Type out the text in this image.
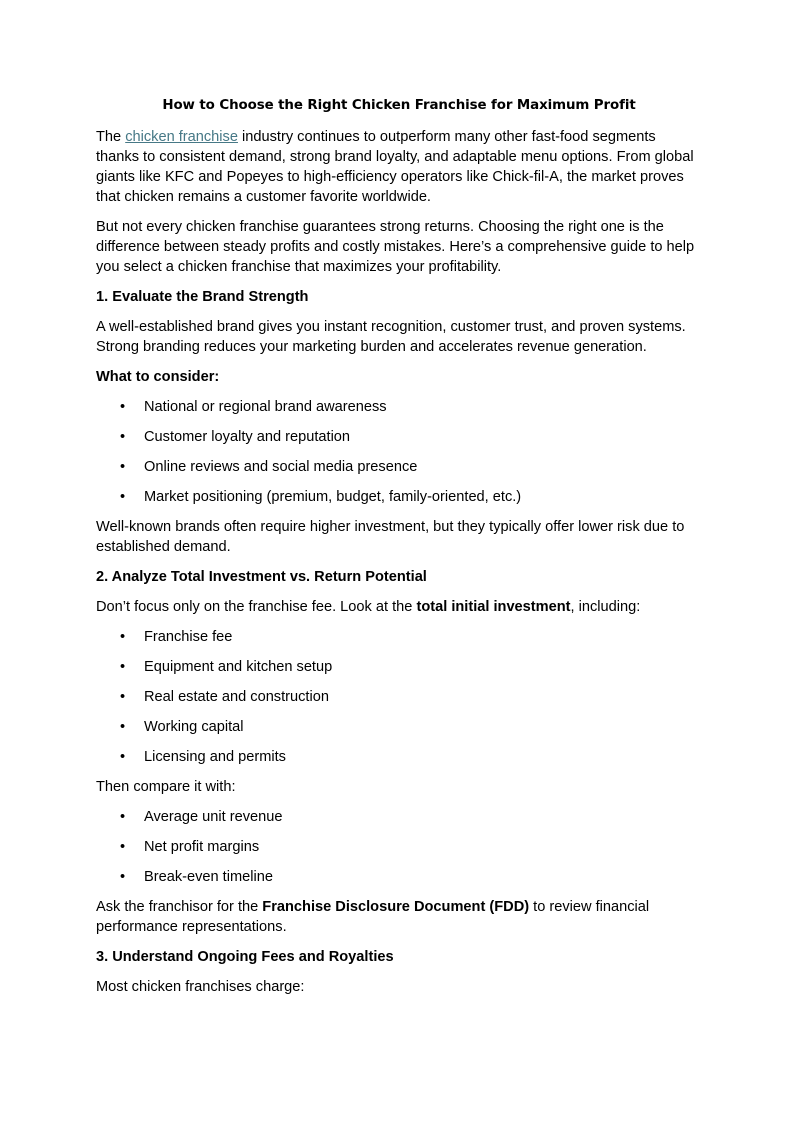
How to Choose the Right Chicken Franchise for Maximum Profit

The chicken franchise industry continues to outperform many other fast-food segments thanks to consistent demand, strong brand loyalty, and adaptable menu options. From global giants like KFC and Popeyes to high-efficiency operators like Chick-fil-A, the market proves that chicken remains a customer favorite worldwide.

But not every chicken franchise guarantees strong returns. Choosing the right one is the difference between steady profits and costly mistakes. Here’s a comprehensive guide to help you select a chicken franchise that maximizes your profitability.

1. Evaluate the Brand Strength

A well-established brand gives you instant recognition, customer trust, and proven systems. Strong branding reduces your marketing burden and accelerates revenue generation.

What to consider:

• National or regional brand awareness
• Customer loyalty and reputation
• Online reviews and social media presence
• Market positioning (premium, budget, family-oriented, etc.)

Well-known brands often require higher investment, but they typically offer lower risk due to established demand.

2. Analyze Total Investment vs. Return Potential

Don’t focus only on the franchise fee. Look at the total initial investment, including:

• Franchise fee
• Equipment and kitchen setup
• Real estate and construction
• Working capital
• Licensing and permits

Then compare it with:

• Average unit revenue
• Net profit margins
• Break-even timeline

Ask the franchisor for the Franchise Disclosure Document (FDD) to review financial performance representations.

3. Understand Ongoing Fees and Royalties

Most chicken franchises charge:
